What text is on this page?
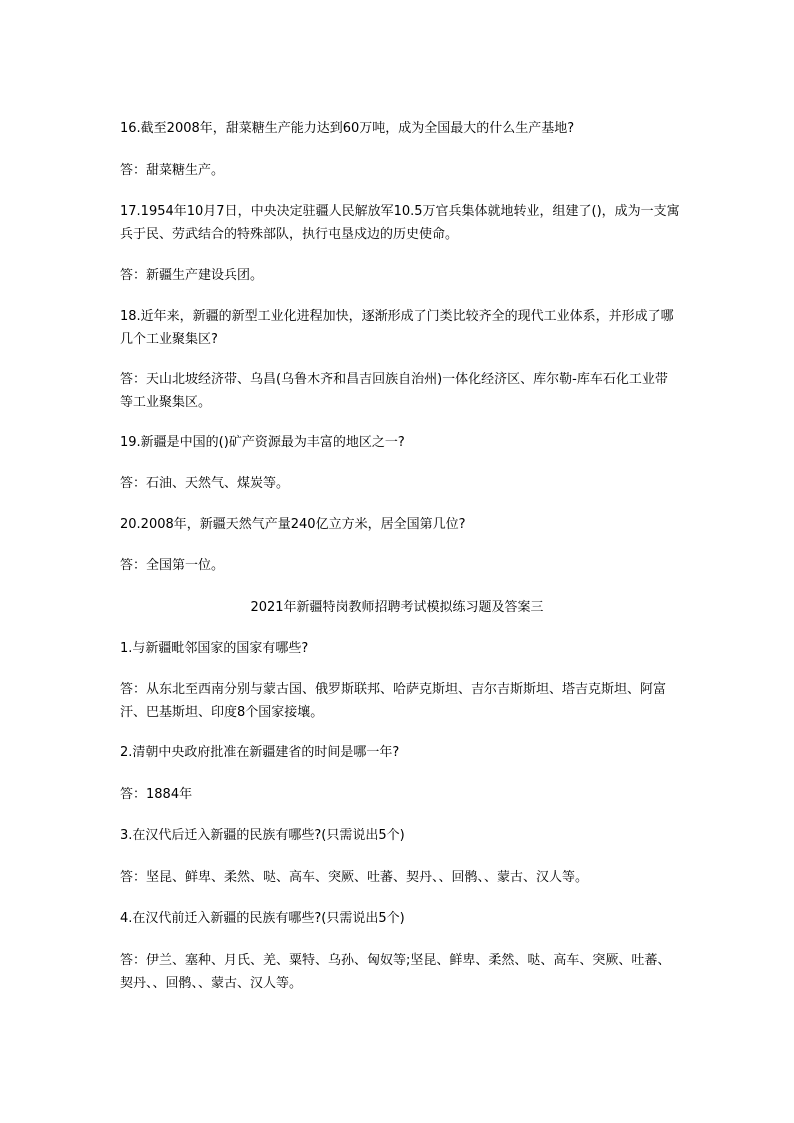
16.截至2008年，甜菜糖生产能力达到60万吨，成为全国最大的什么生产基地?

答：甜菜糖生产。

17.1954年10月7日，中央决定驻疆人民解放军10.5万官兵集体就地转业，组建了()，成为一支寓兵于民、劳武结合的特殊部队，执行屯垦戍边的历史使命。

答：新疆生产建设兵团。

18.近年来，新疆的新型工业化进程加快，逐渐形成了门类比较齐全的现代工业体系，并形成了哪几个工业聚集区?

答：天山北坡经济带、乌昌(乌鲁木齐和昌吉回族自治州)一体化经济区、库尔勒-库车石化工业带等工业聚集区。

19.新疆是中国的()矿产资源最为丰富的地区之一?

答：石油、天然气、煤炭等。

20.2008年，新疆天然气产量240亿立方米，居全国第几位?

答：全国第一位。

2021年新疆特岗教师招聘考试模拟练习题及答案三

1.与新疆毗邻国家的国家有哪些?

答：从东北至西南分别与蒙古国、俄罗斯联邦、哈萨克斯坦、吉尔吉斯斯坦、塔吉克斯坦、阿富汗、巴基斯坦、印度8个国家接壤。

2.清朝中央政府批准在新疆建省的时间是哪一年?

答：1884年

3.在汉代后迁入新疆的民族有哪些?(只需说出5个)

答：坚昆、鲜卑、柔然、哒、高车、突厥、吐蕃、契丹、、回鹘、、蒙古、汉人等。

4.在汉代前迁入新疆的民族有哪些?(只需说出5个)

答：伊兰、塞种、月氏、羌、粟特、乌孙、匈奴等;坚昆、鲜卑、柔然、哒、高车、突厥、吐蕃、契丹、、回鹘、、蒙古、汉人等。
